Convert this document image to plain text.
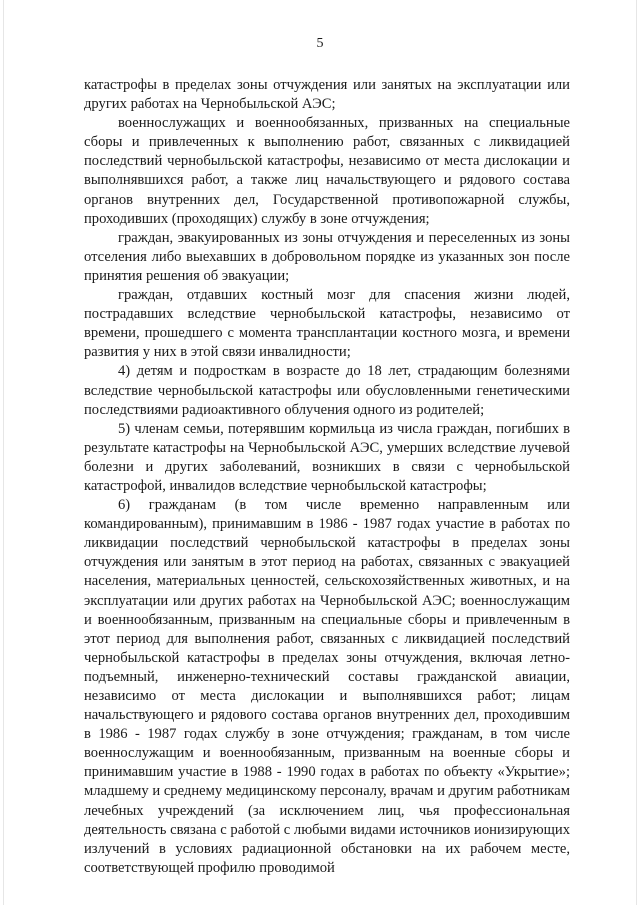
5

катастрофы в пределах зоны отчуждения или занятых на эксплуатации или других работах на Чернобыльской АЭС;

военнослужащих и военнообязанных, призванных на специальные сборы и привлеченных к выполнению работ, связанных с ликвидацией последствий чернобыльской катастрофы, независимо от места дислокации и выполнявшихся работ, а также лиц начальствующего и рядового состава органов внутренних дел, Государственной противопожарной службы, проходивших (проходящих) службу в зоне отчуждения;

граждан, эвакуированных из зоны отчуждения и переселенных из зоны отселения либо выехавших в добровольном порядке из указанных зон после принятия решения об эвакуации;

граждан, отдавших костный мозг для спасения жизни людей, пострадавших вследствие чернобыльской катастрофы, независимо от времени, прошедшего с момента трансплантации костного мозга, и времени развития у них в этой связи инвалидности;

4) детям и подросткам в возрасте до 18 лет, страдающим болезнями вследствие чернобыльской катастрофы или обусловленными генетическими последствиями радиоактивного облучения одного из родителей;

5) членам семьи, потерявшим кормильца из числа граждан, погибших в результате катастрофы на Чернобыльской АЭС, умерших вследствие лучевой болезни и других заболеваний, возникших в связи с чернобыльской катастрофой, инвалидов вследствие чернобыльской катастрофы;

6) гражданам (в том числе временно направленным или командированным), принимавшим в 1986 - 1987 годах участие в работах по ликвидации последствий чернобыльской катастрофы в пределах зоны отчуждения или занятым в этот период на работах, связанных с эвакуацией населения, материальных ценностей, сельскохозяйственных животных, и на эксплуатации или других работах на Чернобыльской АЭС; военнослужащим и военнообязанным, призванным на специальные сборы и привлеченным в этот период для выполнения работ, связанных с ликвидацией последствий чернобыльской катастрофы в пределах зоны отчуждения, включая летно-подъемный, инженерно-технический составы гражданской авиации, независимо от места дислокации и выполнявшихся работ; лицам начальствующего и рядового состава органов внутренних дел, проходившим в 1986 - 1987 годах службу в зоне отчуждения; гражданам, в том числе военнослужащим и военнообязанным, призванным на военные сборы и принимавшим участие в 1988 - 1990 годах в работах по объекту «Укрытие»; младшему и среднему медицинскому персоналу, врачам и другим работникам лечебных учреждений (за исключением лиц, чья профессиональная деятельность связана с работой с любыми видами источников ионизирующих излучений в условиях радиационной обстановки на их рабочем месте, соответствующей профилю проводимой
